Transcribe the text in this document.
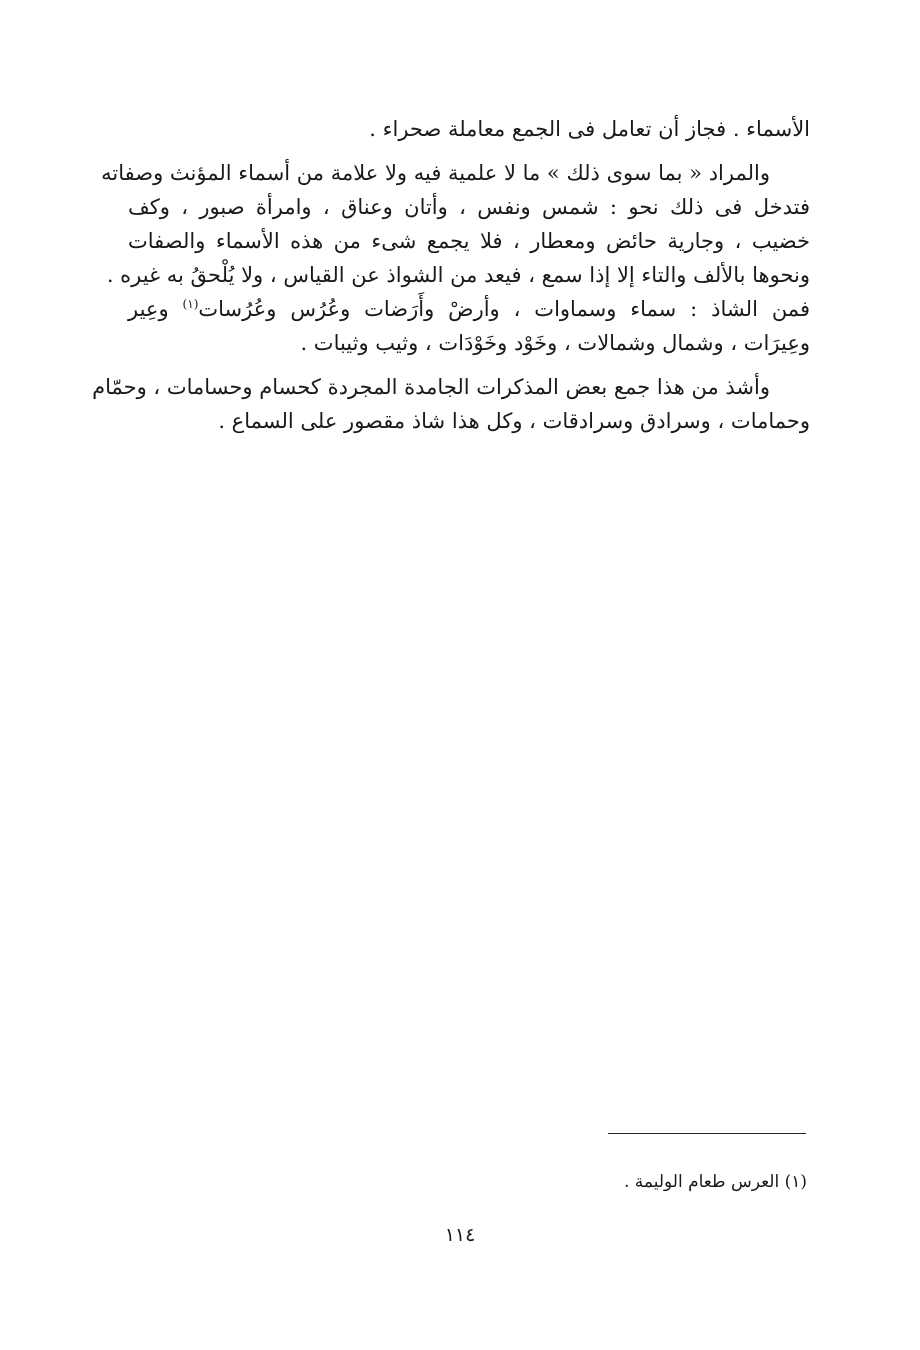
الأسماء . فجاز أن تعامل فى الجمع معاملة صحراء .

والمراد « بما سوى ذلك » ما لا علمية فيه ولا علامة من أسماء المؤنث وصفاته
فتدخل فى ذلك نحو : شمس ونفس ، وأتان وعناق ، وامرأة صبور ، وكف
خضيب ، وجارية حائض ومعطار ، فلا يجمع شىء من هذه الأسماء والصفات
ونحوها بالألف والتاء إلا إذا سمع ، فيعد من الشواذ عن القياس ، ولا يُلْحقُ به غيره .
فمن الشاذ : سماء وسماوات ، وأرضْ وأَرَضات وعُرُس وعُرُسات$^{(١)}$ وعِير
وعِيرَات ، وشمال وشمالات ، وخَوْد وخَوْدَات ، وثيب وثيبات .

وأشذ من هذا جمع بعض المذكرات الجامدة المجردة كحسام وحسامات ، وحمّام
وحمامات ، وسرادق وسرادقات ، وكل هذا شاذ مقصور على السماع .

(١) العرس طعام الوليمة .
١١٤
